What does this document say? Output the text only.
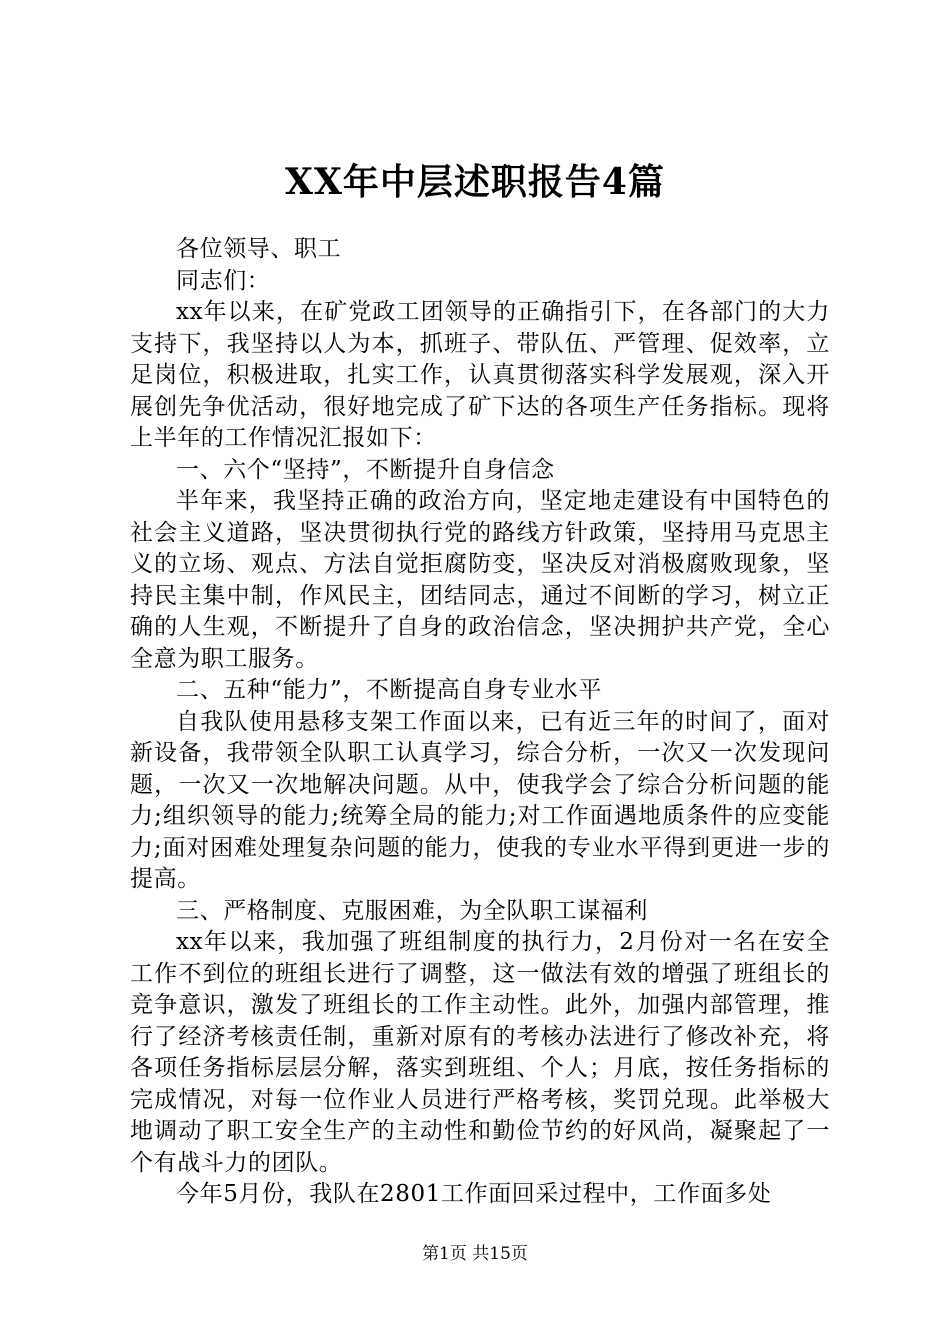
XX年中层述职报告4篇

各位领导、职工

同志们：

xx年以来，在矿党政工团领导的正确指引下，在各部门的大力支持下，我坚持以人为本，抓班子、带队伍、严管理、促效率，立足岗位，积极进取，扎实工作，认真贯彻落实科学发展观，深入开展创先争优活动，很好地完成了矿下达的各项生产任务指标。现将上半年的工作情况汇报如下：

一、六个“坚持”，不断提升自身信念

半年来，我坚持正确的政治方向，坚定地走建设有中国特色的社会主义道路，坚决贯彻执行党的路线方针政策，坚持用马克思主义的立场、观点、方法自觉拒腐防变，坚决反对消极腐败现象，坚持民主集中制，作风民主，团结同志，通过不间断的学习，树立正确的人生观，不断提升了自身的政治信念，坚决拥护共产党，全心全意为职工服务。

二、五种“能力”，不断提高自身专业水平

自我队使用悬移支架工作面以来，已有近三年的时间了，面对新设备，我带领全队职工认真学习，综合分析，一次又一次发现问题，一次又一次地解决问题。从中，使我学会了综合分析问题的能力;组织领导的能力;统筹全局的能力;对工作面遇地质条件的应变能力;面对困难处理复杂问题的能力，使我的专业水平得到更进一步的提高。

三、严格制度、克服困难，为全队职工谋福利

xx年以来，我加强了班组制度的执行力，2月份对一名在安全工作不到位的班组长进行了调整，这一做法有效的增强了班组长的竞争意识，激发了班组长的工作主动性。此外，加强内部管理，推行了经济考核责任制，重新对原有的考核办法进行了修改补充，将各项任务指标层层分解，落实到班组、个人；月底，按任务指标的完成情况，对每一位作业人员进行严格考核，奖罚兑现。此举极大地调动了职工安全生产的主动性和勤俭节约的好风尚，凝聚起了一个有战斗力的团队。

今年5月份，我队在2801工作面回采过程中，工作面多处

第1页 共15页
